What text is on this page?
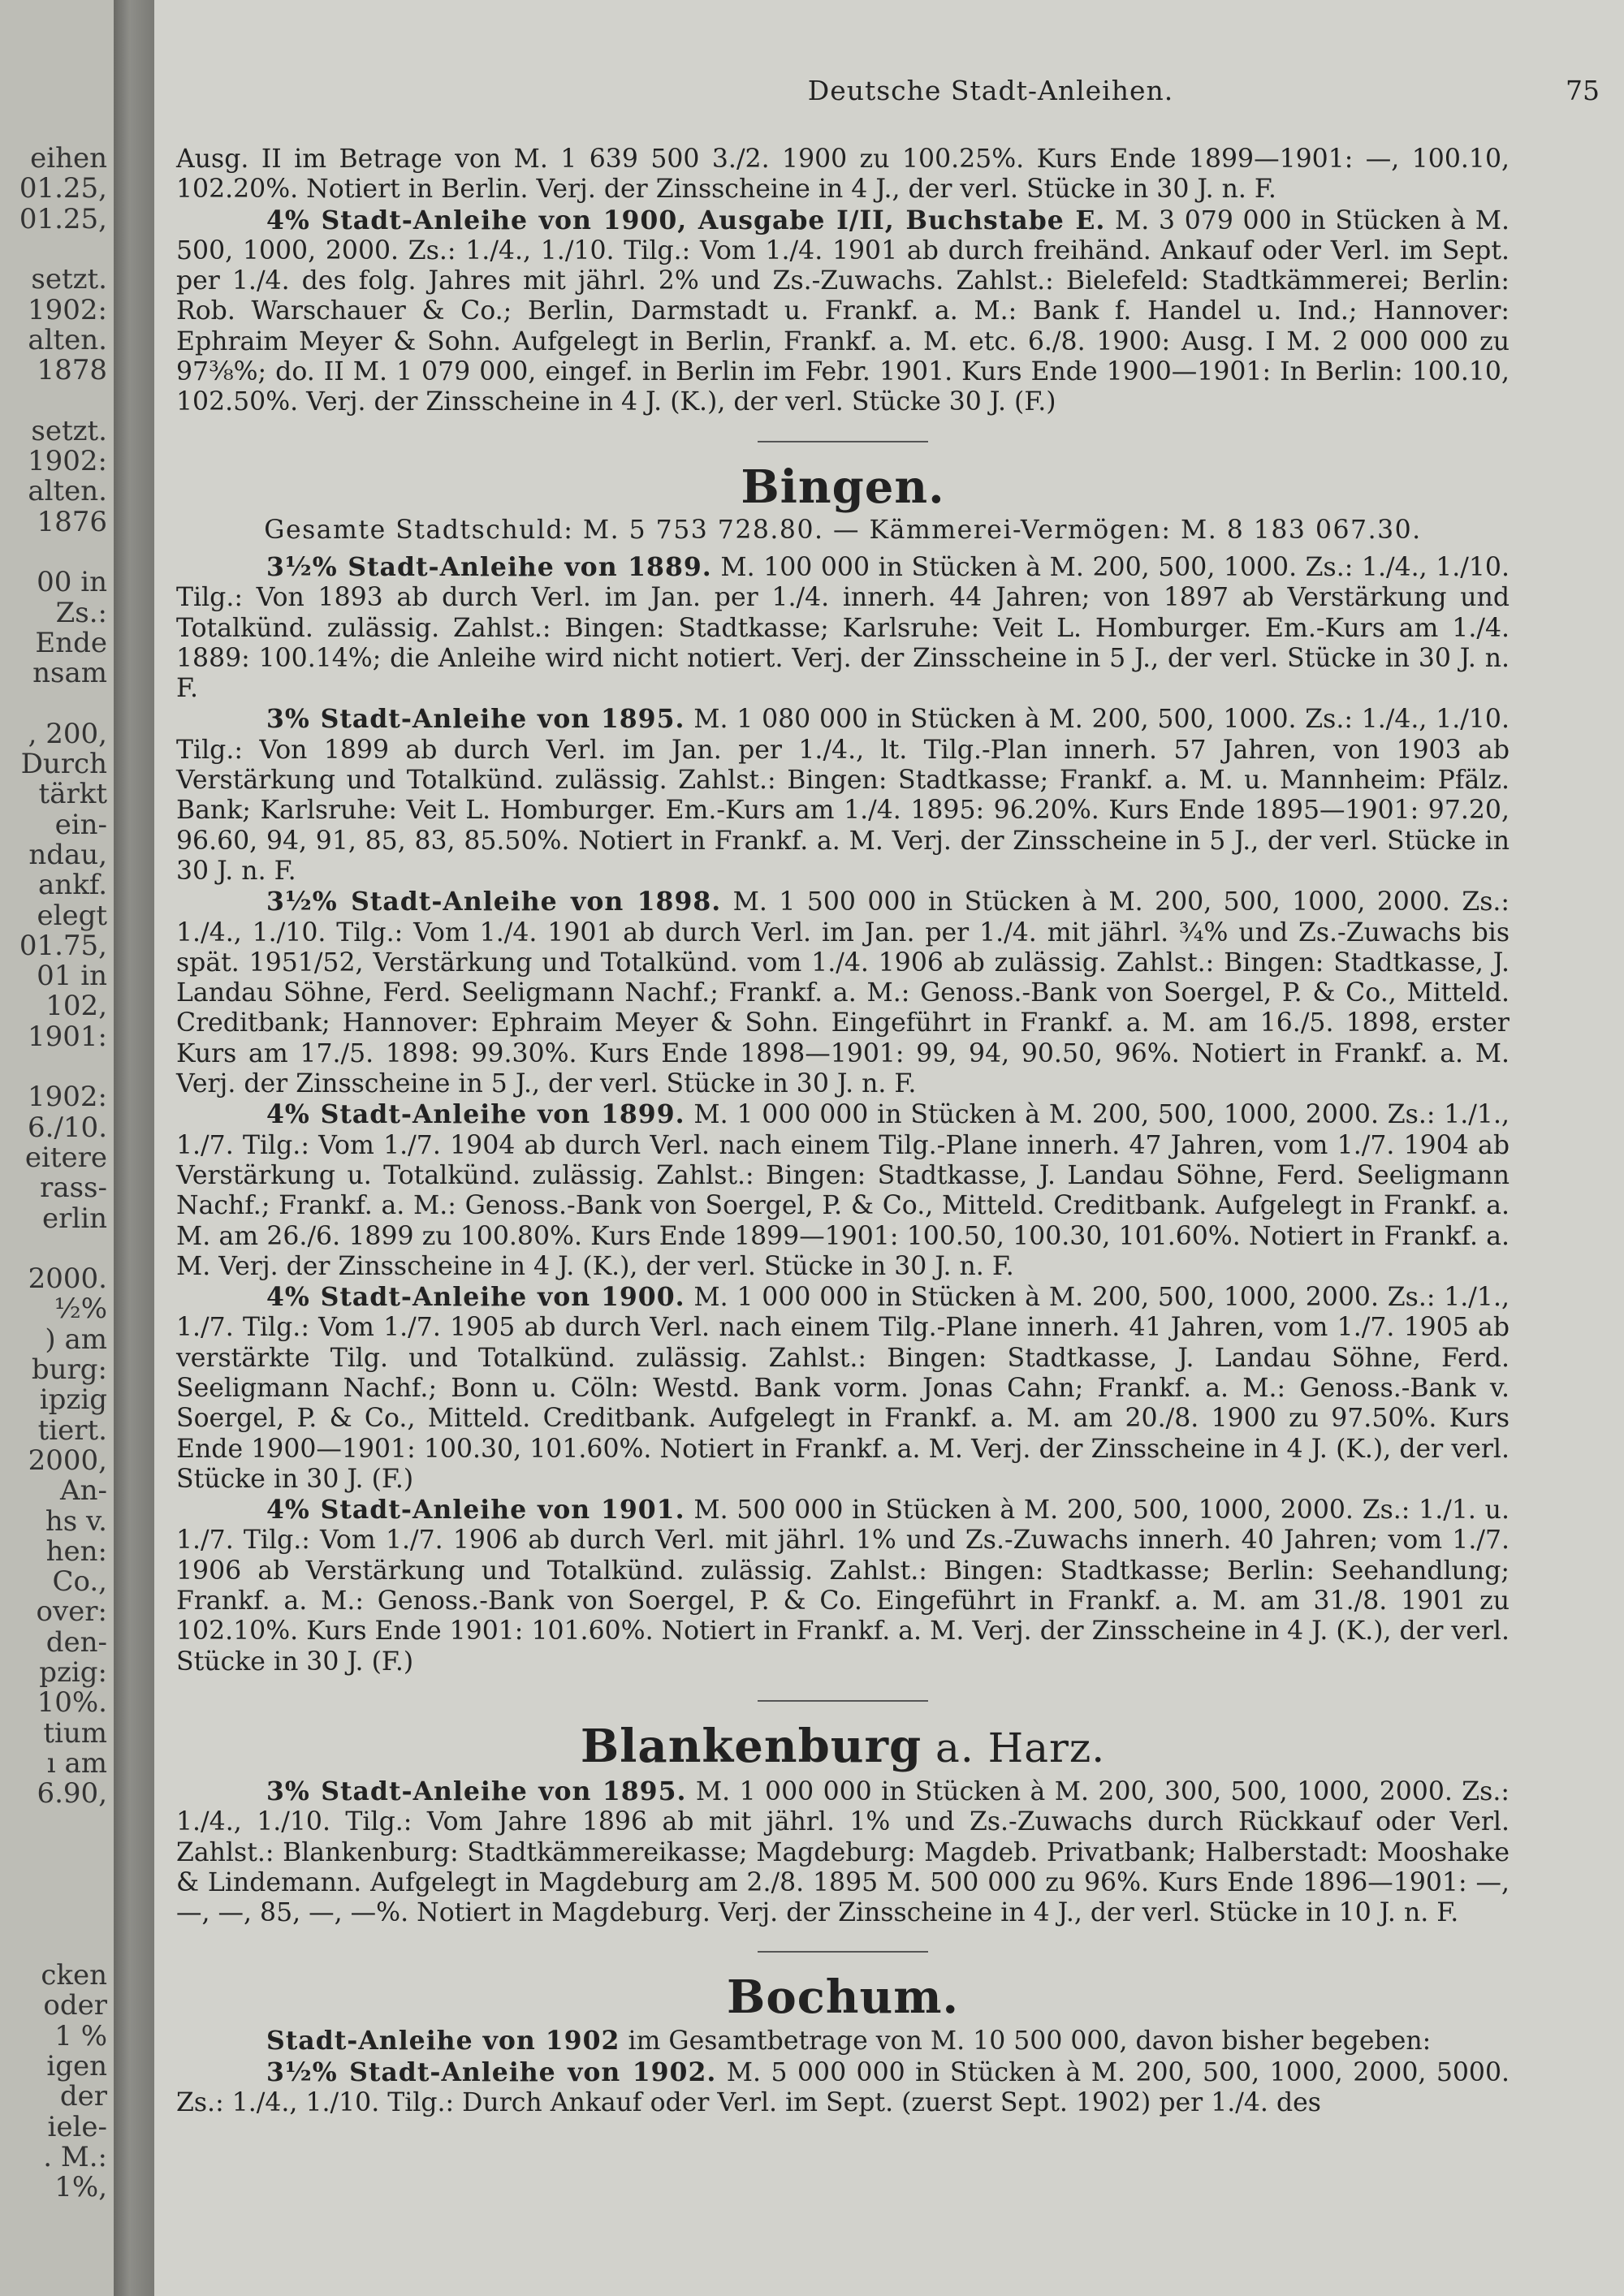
eihen
01.25,
01.25,
setzt.
1902:
alten.
1878
setzt.
1902:
alten.
1876
00 in
Zs.:
Ende
nsam
, 200,
Durch
tärkt
ein-
ndau,
ankf.
elegt
01.75,
01 in
102,
1901:
1902:
6./10.
eitere
rass-
erlin
2000.
½%
) am
burg:
ipzig
tiert.
2000,
An-
hs v.
hen:
Co.,
over:
den-
pzig:
10%.
tium
ı am
6.90,
cken
oder
1 %
igen
der
iele-
. M.:
1%,
Deutsche Stadt-Anleihen.	75

Ausg. II im Betrage von M. 1 639 500 3./2. 1900 zu 100.25%. Kurs Ende 1899—1901: —, 100.10, 102.20%. Notiert in Berlin. Verj. der Zinsscheine in 4 J., der verl. Stücke in 30 J. n. F.

4% Stadt-Anleihe von 1900, Ausgabe I/II, Buchstabe E. M. 3 079 000 in Stücken à M. 500, 1000, 2000. Zs.: 1./4., 1./10. Tilg.: Vom 1./4. 1901 ab durch freihänd. Ankauf oder Verl. im Sept. per 1./4. des folg. Jahres mit jährl. 2% und Zs.-Zuwachs. Zahlst.: Bielefeld: Stadtkämmerei; Berlin: Rob. Warschauer & Co.; Berlin, Darmstadt u. Frankf. a. M.: Bank f. Handel u. Ind.; Hannover: Ephraim Meyer & Sohn. Aufgelegt in Berlin, Frankf. a. M. etc. 6./8. 1900: Ausg. I M. 2 000 000 zu 97⅜%; do. II M. 1 079 000, eingef. in Berlin im Febr. 1901. Kurs Ende 1900—1901: In Berlin: 100.10, 102.50%. Verj. der Zinsscheine in 4 J. (K.), der verl. Stücke 30 J. (F.)

Bingen.
Gesamte Stadtschuld: M. 5 753 728.80. — Kämmerei-Vermögen: M. 8 183 067.30.

3½% Stadt-Anleihe von 1889. M. 100 000 in Stücken à M. 200, 500, 1000. Zs.: 1./4., 1./10. Tilg.: Von 1893 ab durch Verl. im Jan. per 1./4. innerh. 44 Jahren; von 1897 ab Verstärkung und Totalkünd. zulässig. Zahlst.: Bingen: Stadtkasse; Karlsruhe: Veit L. Homburger. Em.-Kurs am 1./4. 1889: 100.14%; die Anleihe wird nicht notiert. Verj. der Zinsscheine in 5 J., der verl. Stücke in 30 J. n. F.

3% Stadt-Anleihe von 1895. M. 1 080 000 in Stücken à M. 200, 500, 1000. Zs.: 1./4., 1./10. Tilg.: Von 1899 ab durch Verl. im Jan. per 1./4., lt. Tilg.-Plan innerh. 57 Jahren, von 1903 ab Verstärkung und Totalkünd. zulässig. Zahlst.: Bingen: Stadtkasse; Frankf. a. M. u. Mannheim: Pfälz. Bank; Karlsruhe: Veit L. Homburger. Em.-Kurs am 1./4. 1895: 96.20%. Kurs Ende 1895—1901: 97.20, 96.60, 94, 91, 85, 83, 85.50%. Notiert in Frankf. a. M. Verj. der Zinsscheine in 5 J., der verl. Stücke in 30 J. n. F.

3½% Stadt-Anleihe von 1898. M. 1 500 000 in Stücken à M. 200, 500, 1000, 2000. Zs.: 1./4., 1./10. Tilg.: Vom 1./4. 1901 ab durch Verl. im Jan. per 1./4. mit jährl. ¾% und Zs.-Zuwachs bis spät. 1951/52, Verstärkung und Totalkünd. vom 1./4. 1906 ab zulässig. Zahlst.: Bingen: Stadtkasse, J. Landau Söhne, Ferd. Seeligmann Nachf.; Frankf. a. M.: Genoss.-Bank von Soergel, P. & Co., Mitteld. Creditbank; Hannover: Ephraim Meyer & Sohn. Eingeführt in Frankf. a. M. am 16./5. 1898, erster Kurs am 17./5. 1898: 99.30%. Kurs Ende 1898—1901: 99, 94, 90.50, 96%. Notiert in Frankf. a. M. Verj. der Zinsscheine in 5 J., der verl. Stücke in 30 J. n. F.

4% Stadt-Anleihe von 1899. M. 1 000 000 in Stücken à M. 200, 500, 1000, 2000. Zs.: 1./1., 1./7. Tilg.: Vom 1./7. 1904 ab durch Verl. nach einem Tilg.-Plane innerh. 47 Jahren, vom 1./7. 1904 ab Verstärkung u. Totalkünd. zulässig. Zahlst.: Bingen: Stadtkasse, J. Landau Söhne, Ferd. Seeligmann Nachf.; Frankf. a. M.: Genoss.-Bank von Soergel, P. & Co., Mitteld. Creditbank. Aufgelegt in Frankf. a. M. am 26./6. 1899 zu 100.80%. Kurs Ende 1899—1901: 100.50, 100.30, 101.60%. Notiert in Frankf. a. M. Verj. der Zinsscheine in 4 J. (K.), der verl. Stücke in 30 J. n. F.

4% Stadt-Anleihe von 1900. M. 1 000 000 in Stücken à M. 200, 500, 1000, 2000. Zs.: 1./1., 1./7. Tilg.: Vom 1./7. 1905 ab durch Verl. nach einem Tilg.-Plane innerh. 41 Jahren, vom 1./7. 1905 ab verstärkte Tilg. und Totalkünd. zulässig. Zahlst.: Bingen: Stadtkasse, J. Landau Söhne, Ferd. Seeligmann Nachf.; Bonn u. Cöln: Westd. Bank vorm. Jonas Cahn; Frankf. a. M.: Genoss.-Bank v. Soergel, P. & Co., Mitteld. Creditbank. Aufgelegt in Frankf. a. M. am 20./8. 1900 zu 97.50%. Kurs Ende 1900—1901: 100.30, 101.60%. Notiert in Frankf. a. M. Verj. der Zinsscheine in 4 J. (K.), der verl. Stücke in 30 J. (F.)

4% Stadt-Anleihe von 1901. M. 500 000 in Stücken à M. 200, 500, 1000, 2000. Zs.: 1./1. u. 1./7. Tilg.: Vom 1./7. 1906 ab durch Verl. mit jährl. 1% und Zs.-Zuwachs innerh. 40 Jahren; vom 1./7. 1906 ab Verstärkung und Totalkünd. zulässig. Zahlst.: Bingen: Stadtkasse; Berlin: Seehandlung; Frankf. a. M.: Genoss.-Bank von Soergel, P. & Co. Eingeführt in Frankf. a. M. am 31./8. 1901 zu 102.10%. Kurs Ende 1901: 101.60%. Notiert in Frankf. a. M. Verj. der Zinsscheine in 4 J. (K.), der verl. Stücke in 30 J. (F.)

Blankenburg a. Harz.

3% Stadt-Anleihe von 1895. M. 1 000 000 in Stücken à M. 200, 300, 500, 1000, 2000. Zs.: 1./4., 1./10. Tilg.: Vom Jahre 1896 ab mit jährl. 1% und Zs.-Zuwachs durch Rückkauf oder Verl. Zahlst.: Blankenburg: Stadtkämmereikasse; Magdeburg: Magdeb. Privatbank; Halberstadt: Mooshake & Lindemann. Aufgelegt in Magdeburg am 2./8. 1895 M. 500 000 zu 96%. Kurs Ende 1896—1901: —, —, —, 85, —, —%. Notiert in Magdeburg. Verj. der Zinsscheine in 4 J., der verl. Stücke in 10 J. n. F.

Bochum.

Stadt-Anleihe von 1902 im Gesamtbetrage von M. 10 500 000, davon bisher begeben:

3½% Stadt-Anleihe von 1902. M. 5 000 000 in Stücken à M. 200, 500, 1000, 2000, 5000. Zs.: 1./4., 1./10. Tilg.: Durch Ankauf oder Verl. im Sept. (zuerst Sept. 1902) per 1./4. des
